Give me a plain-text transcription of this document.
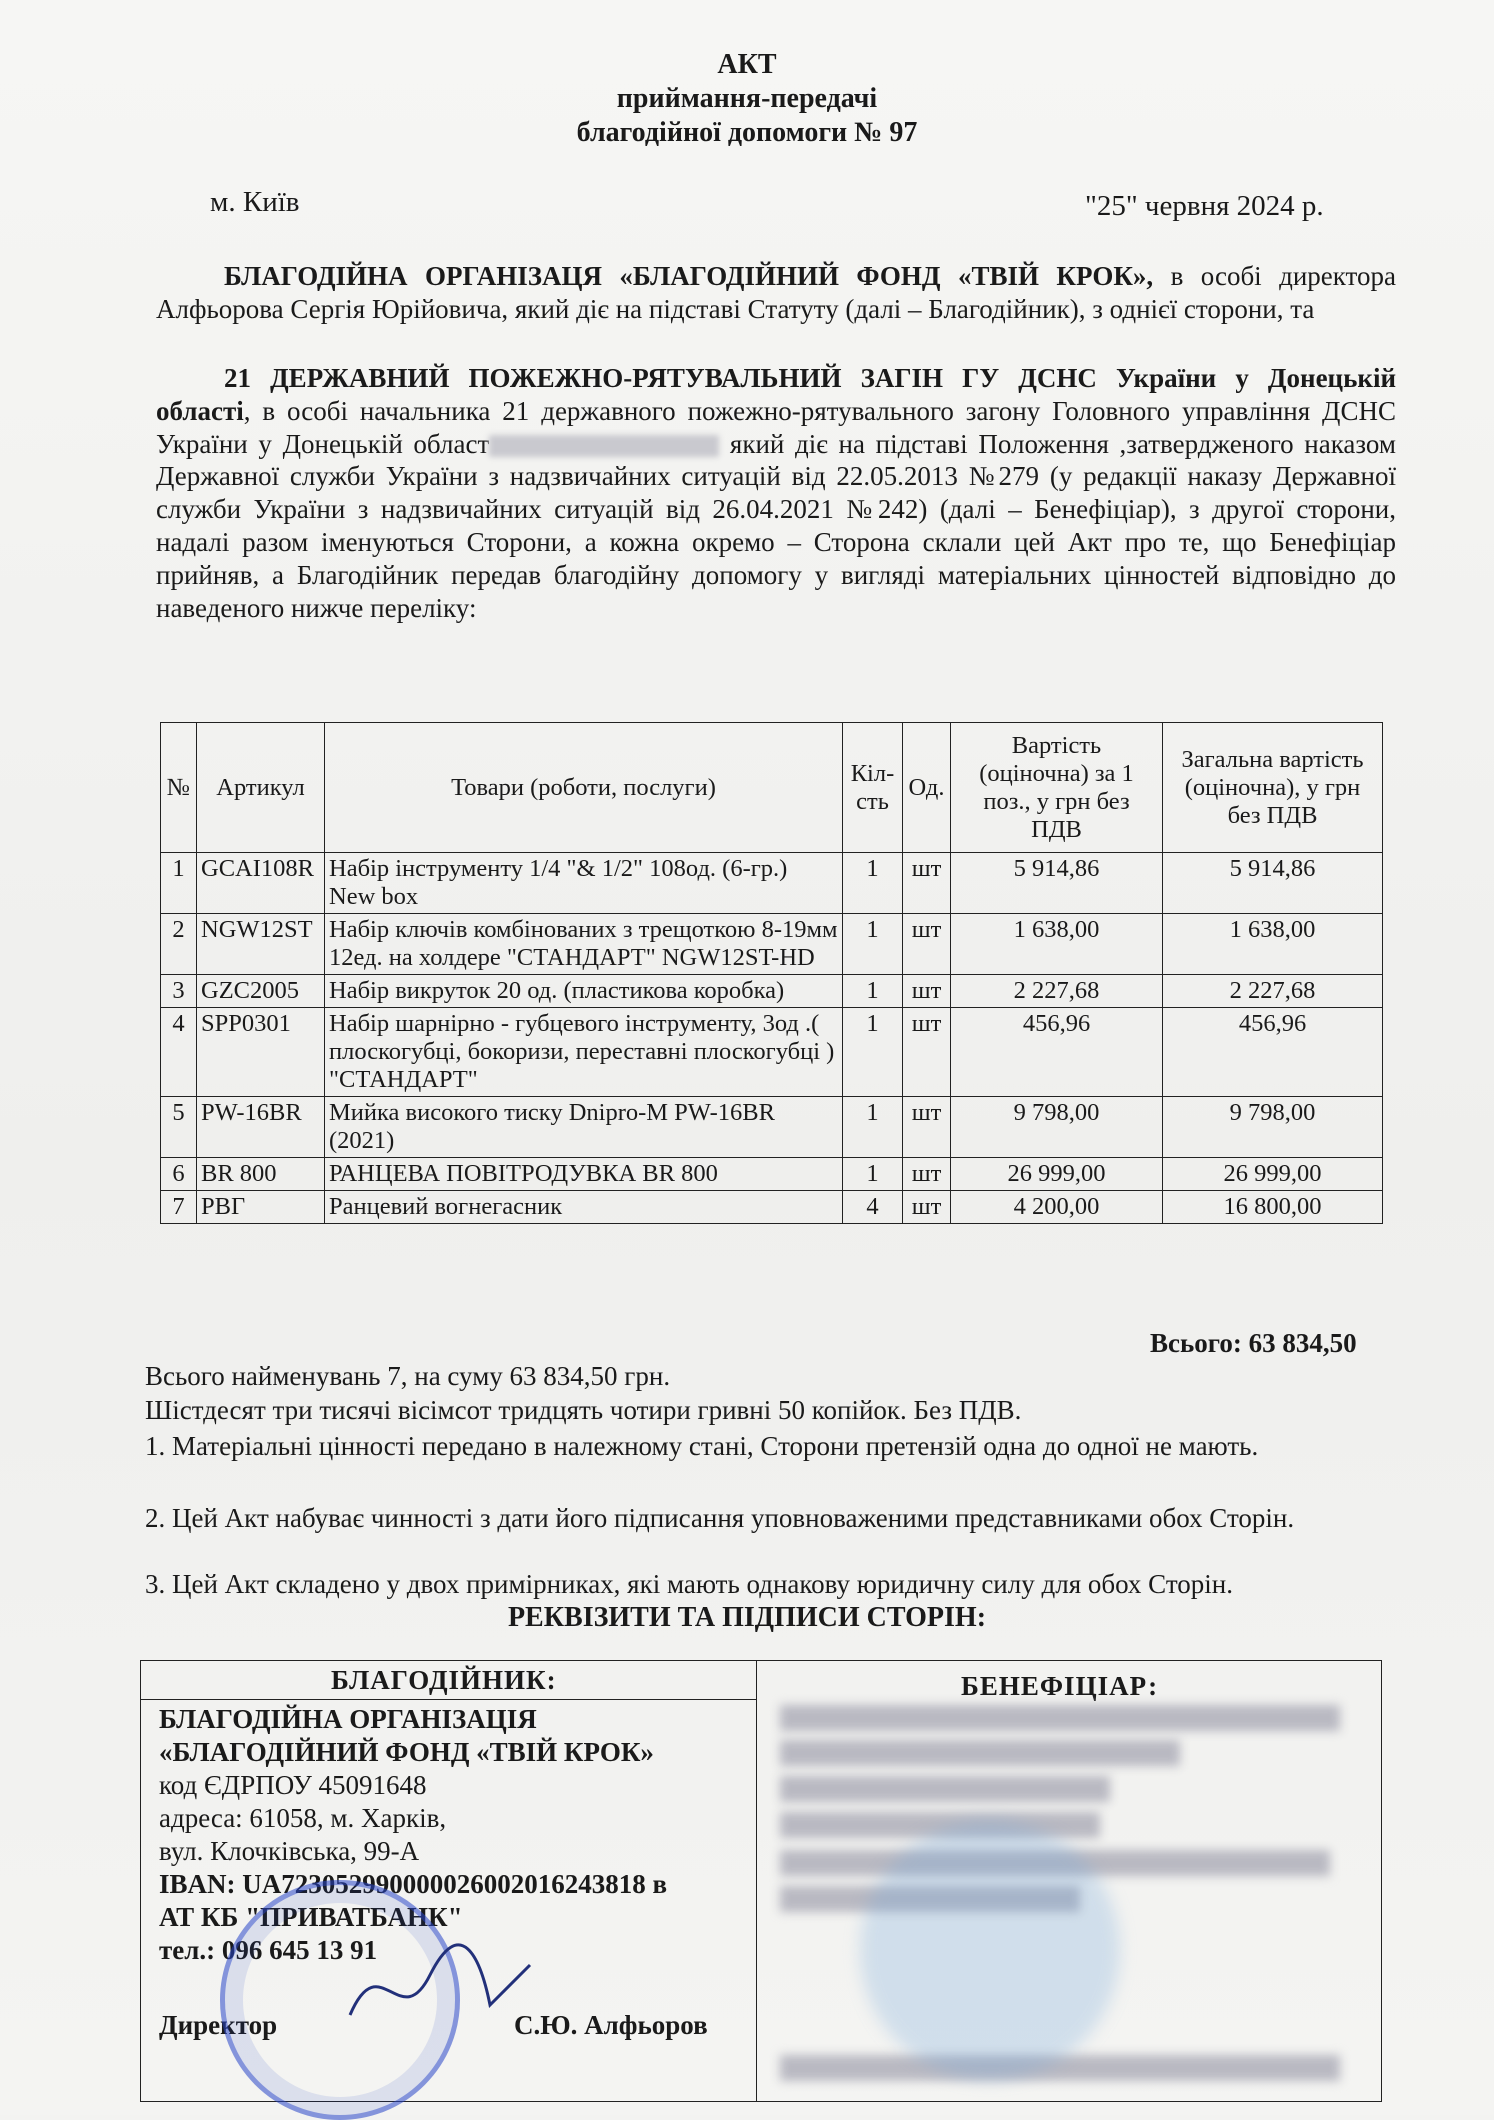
АКТ
приймання-передачі
благодійної допомоги № 97
м. Київ	"25" червня 2024 р.
БЛАГОДІЙНА ОРГАНІЗАЦЯ «БЛАГОДІЙНИЙ ФОНД «ТВІЙ КРОК», в особі директора Алфьорова Сергія Юрійовича, який діє на підставі Статуту (далі – Благодійник), з однієї сторони, та
21 ДЕРЖАВНИЙ ПОЖЕЖНО-РЯТУВАЛЬНИЙ ЗАГІН ГУ ДСНС України у Донецькій області, в особі начальника 21 державного пожежно-рятувального загону Головного управління ДСНС України у Донецькій област	який діє на підставі Положення ,затвердженого наказом Державної служби України з надзвичайних ситуацій від 22.05.2013 №279 (у редакції наказу Державної служби України з надзвичайних ситуацій від 26.04.2021 №242) (далі – Бенефіціар), з другої сторони, надалі разом іменуються Сторони, а кожна окремо – Сторона склали цей Акт про те, що Бенефіціар прийняв, а Благодійник передав благодійну допомогу у вигляді матеріальних цінностей відповідно до наведеного нижче переліку:
№	Артикул	Товари (роботи, послуги)	Кіл-сть	Од.	Вартість (оціночна) за 1 поз., у грн без ПДВ	Загальна вартість (оціночна), у грн без ПДВ
1	GCAI108R	Набір інструменту 1/4 "& 1/2" 108од. (6-гр.) New box	1	шт	5 914,86	5 914,86
2	NGW12ST	Набір ключів комбінованих з трещоткою 8-19мм 12ед. на холдере "СТАНДАРТ" NGW12ST-HD	1	шт	1 638,00	1 638,00
3	GZC2005	Набір викруток 20 од. (пластикова коробка)	1	шт	2 227,68	2 227,68
4	SPP0301	Набір шарнірно - губцевого інструменту, 3од .( плоскогубці, бокоризи, переставні плоскогубці ) "СТАНДАРТ"	1	шт	456,96	456,96
5	PW-16BR	Мийка високого тиску Dnipro-M PW-16BR (2021)	1	шт	9 798,00	9 798,00
6	BR 800	РАНЦЕВА ПОВІТРОДУВКА BR 800	1	шт	26 999,00	26 999,00
7	РВГ	Ранцевий вогнегасник	4	шт	4 200,00	16 800,00
Всього: 63 834,50
Всього найменувань 7, на суму 63 834,50 грн.
Шістдесят три тисячі вісімсот тридцять чотири гривні 50 копійок. Без ПДВ.
1. Матеріальні цінності передано в належному стані, Сторони претензій одна до одної не мають.
2. Цей Акт набуває чинності з дати його підписання уповноваженими представниками обох Сторін.
3. Цей Акт складено у двох примірниках, які мають однакову юридичну силу для обох Сторін.
РЕКВІЗИТИ ТА ПІДПИСИ СТОРІН:
БЛАГОДІЙНИК:	БЕНЕФІЦІАР:
БЛАГОДІЙНА ОРГАНІЗАЦІЯ
«БЛАГОДІЙНИЙ ФОНД «ТВІЙ КРОК»
код ЄДРПОУ 45091648
адреса: 61058, м. Харків,
вул. Клочківська, 99-А
IBAN: UA723052990000026002016243818 в
АТ КБ "ПРИВАТБАНК"
тел.: 096 645 13 91
Директор	С.Ю. Алфьоров
